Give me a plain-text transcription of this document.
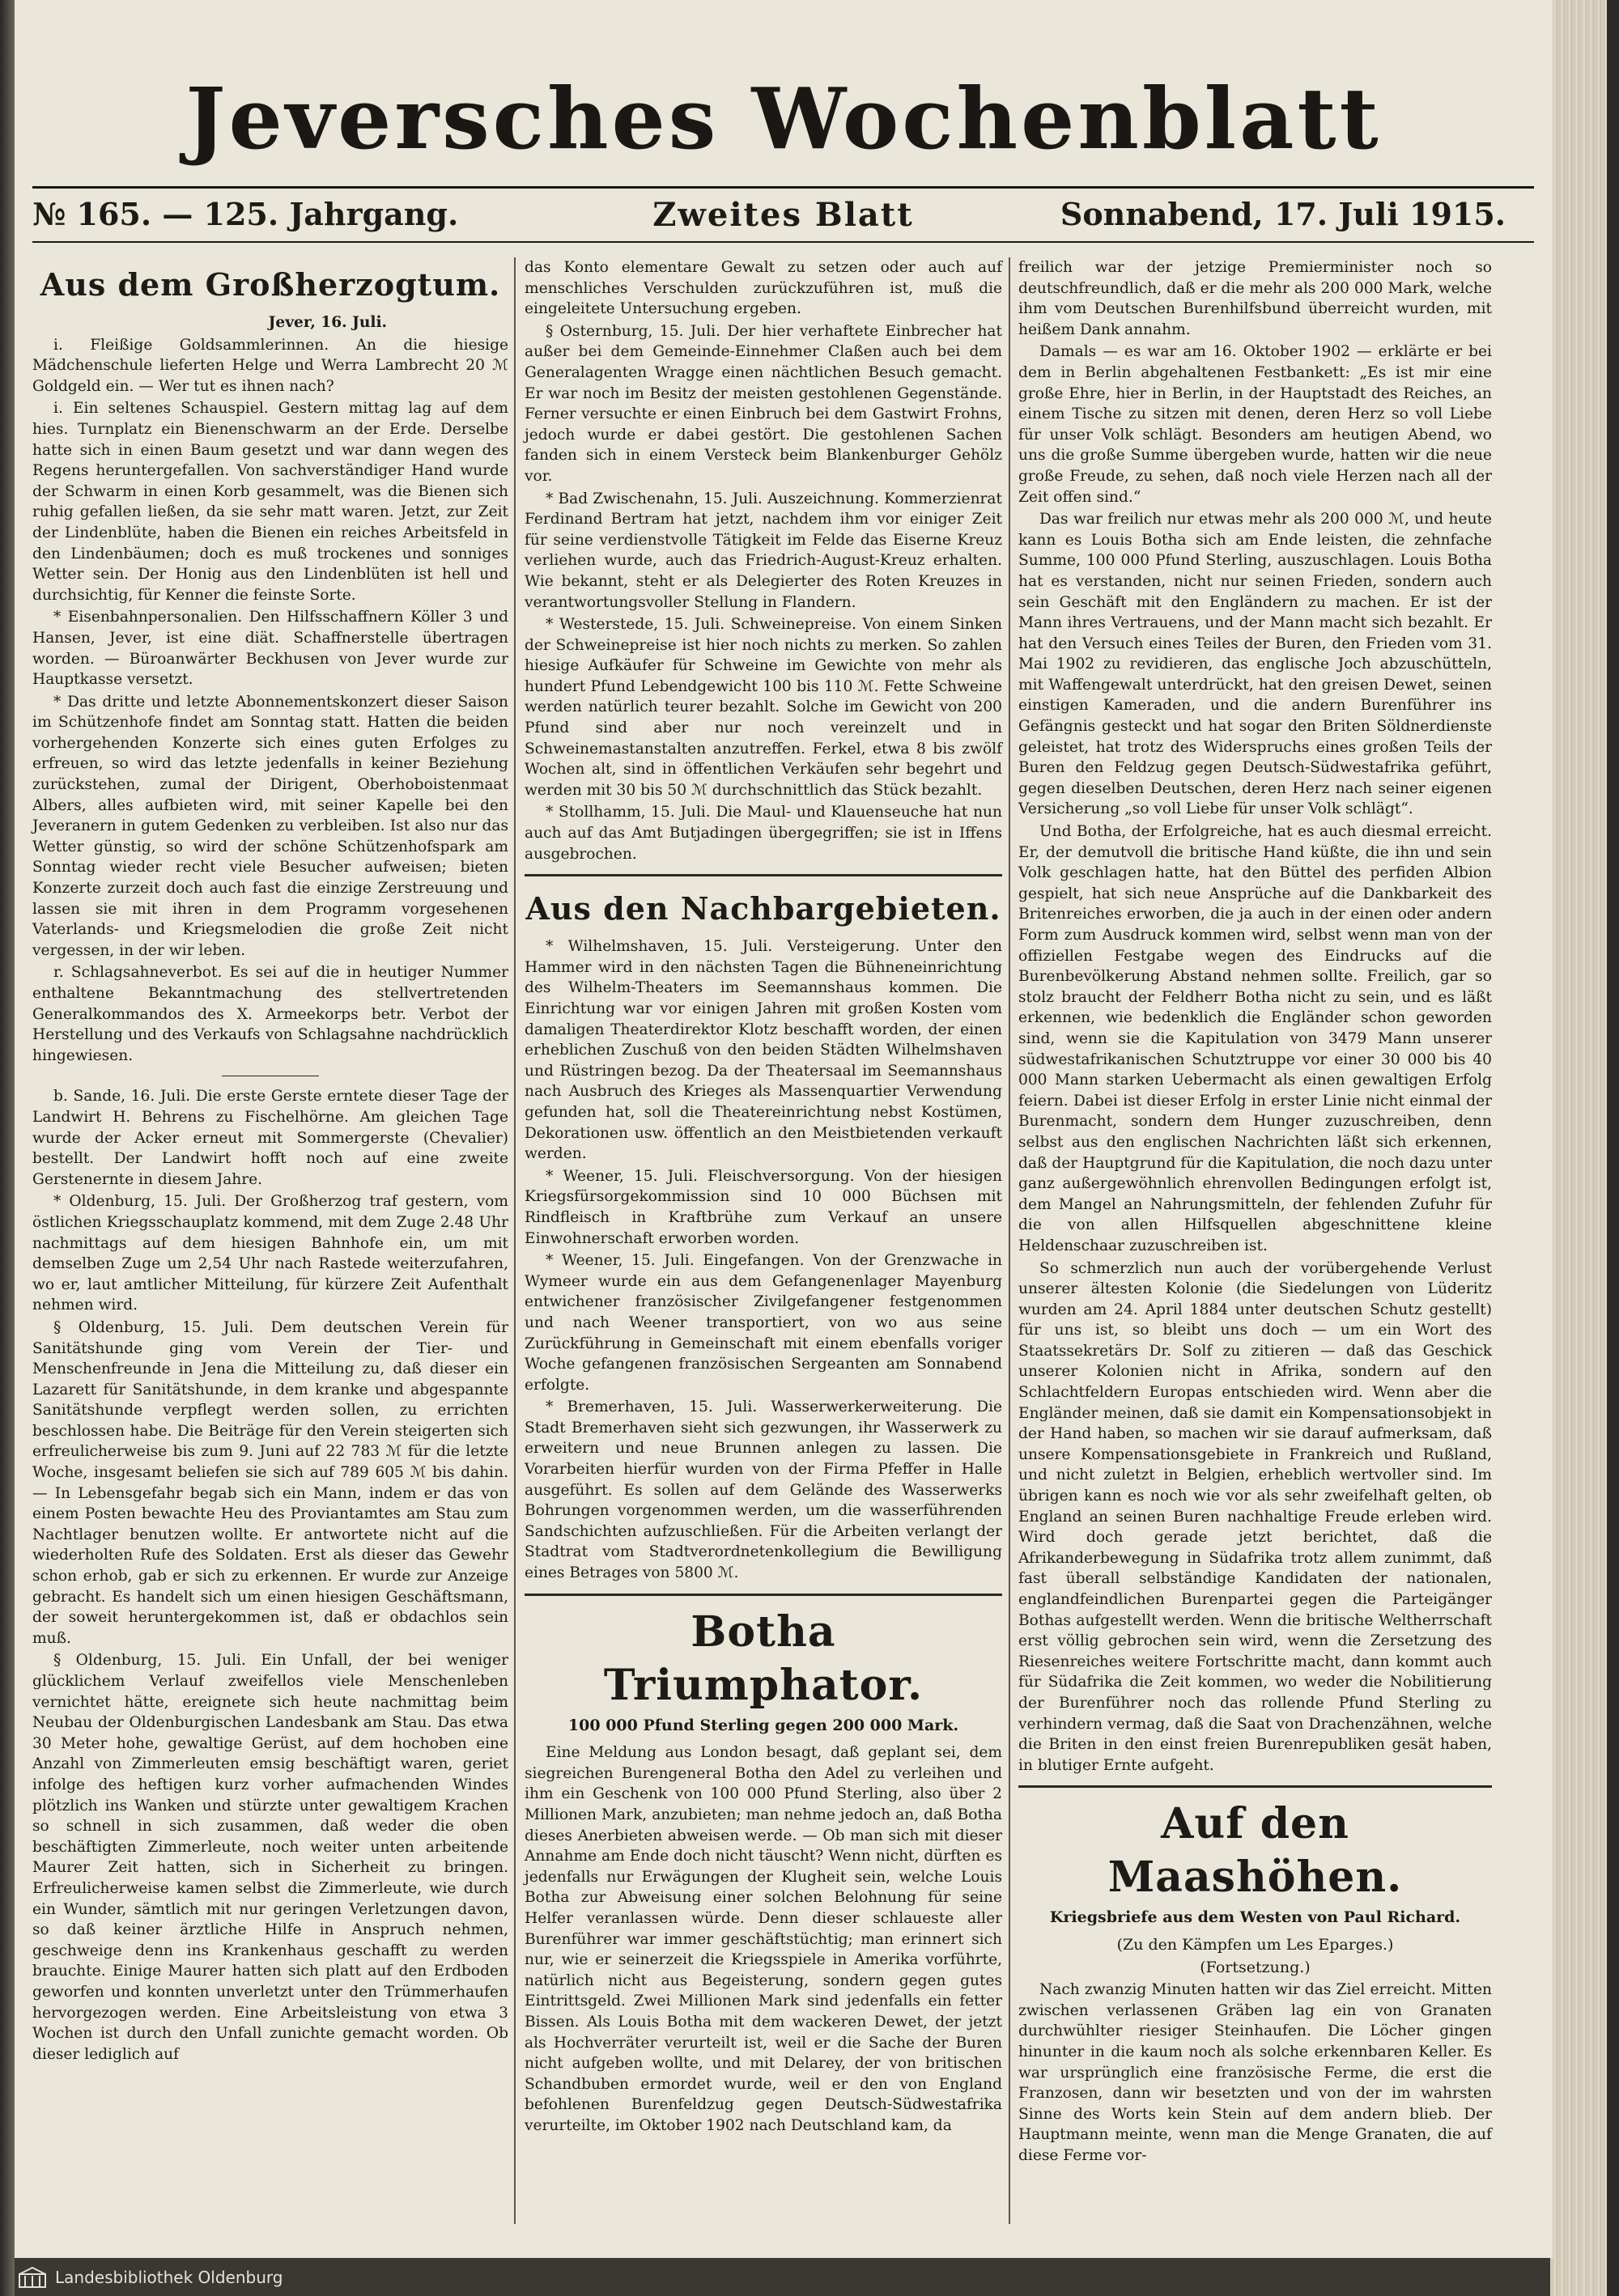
Jeversches Wochenblatt
Zweites Blatt
№ 165. — 125. Jahrgang.	Sonnabend, 17. Juli 1915.
Aus dem Großherzogtum.
Jever, 16. Juli.

i. Fleißige Goldsammlerinnen. An die hiesige Mädchenschule lieferten Helge und Werra Lambrecht 20 ℳ Goldgeld ein. — Wer tut es ihnen nach?

i. Ein seltenes Schauspiel. Gestern mittag lag auf dem hies. Turnplatz ein Bienenschwarm an der Erde. Derselbe hatte sich in einen Baum gesetzt und war dann wegen des Regens heruntergefallen. Von sachverständiger Hand wurde der Schwarm in einen Korb gesammelt, was die Bienen sich ruhig gefallen ließen, da sie sehr matt waren. Jetzt, zur Zeit der Lindenblüte, haben die Bienen ein reiches Arbeitsfeld in den Lindenbäumen; doch es muß trockenes und sonniges Wetter sein. Der Honig aus den Lindenblüten ist hell und durchsichtig, für Kenner die feinste Sorte.

* Eisenbahnpersonalien. Den Hilfsschaffnern Köller 3 und Hansen, Jever, ist eine diät. Schaffnerstelle übertragen worden. — Büroanwärter Beckhusen von Jever wurde zur Hauptkasse versetzt.

* Das dritte und letzte Abonnementskonzert dieser Saison im Schützenhofe findet am Sonntag statt. Hatten die beiden vorhergehenden Konzerte sich eines guten Erfolges zu erfreuen, so wird das letzte jedenfalls in keiner Beziehung zurückstehen, zumal der Dirigent, Oberhoboistenmaat Albers, alles aufbieten wird, mit seiner Kapelle bei den Jeveranern in gutem Gedenken zu verbleiben. Ist also nur das Wetter günstig, so wird der schöne Schützenhofspark am Sonntag wieder recht viele Besucher aufweisen; bieten Konzerte zurzeit doch auch fast die einzige Zerstreuung und lassen sie mit ihren in dem Programm vorgesehenen Vaterlands- und Kriegsmelodien die große Zeit nicht vergessen, in der wir leben.

r. Schlagsahneverbot. Es sei auf die in heutiger Nummer enthaltene Bekanntmachung des stellvertretenden Generalkommandos des X. Armeekorps betr. Verbot der Herstellung und des Verkaufs von Schlagsahne nachdrücklich hingewiesen.

b. Sande, 16. Juli. Die erste Gerste erntete dieser Tage der Landwirt H. Behrens zu Fischelhörne. Am gleichen Tage wurde der Acker erneut mit Sommergerste (Chevalier) bestellt. Der Landwirt hofft noch auf eine zweite Gerstenernte in diesem Jahre.

* Oldenburg, 15. Juli. Der Großherzog traf gestern, vom östlichen Kriegsschauplatz kommend, mit dem Zuge 2.48 Uhr nachmittags auf dem hiesigen Bahnhofe ein, um mit demselben Zuge um 2,54 Uhr nach Rastede weiterzufahren, wo er, laut amtlicher Mitteilung, für kürzere Zeit Aufenthalt nehmen wird.

§ Oldenburg, 15. Juli. Dem deutschen Verein für Sanitätshunde ging vom Verein der Tier- und Menschenfreunde in Jena die Mitteilung zu, daß dieser ein Lazarett für Sanitätshunde, in dem kranke und abgespannte Sanitätshunde verpflegt werden sollen, zu errichten beschlossen habe. Die Beiträge für den Verein steigerten sich erfreulicherweise bis zum 9. Juni auf 22 783 ℳ für die letzte Woche, insgesamt beliefen sie sich auf 789 605 ℳ bis dahin. — In Lebensgefahr begab sich ein Mann, indem er das von einem Posten bewachte Heu des Proviantamtes am Stau zum Nachtlager benutzen wollte. Er antwortete nicht auf die wiederholten Rufe des Soldaten. Erst als dieser das Gewehr schon erhob, gab er sich zu erkennen. Er wurde zur Anzeige gebracht. Es handelt sich um einen hiesigen Geschäftsmann, der soweit heruntergekommen ist, daß er obdachlos sein muß.

§ Oldenburg, 15. Juli. Ein Unfall, der bei weniger glücklichem Verlauf zweifellos viele Menschenleben vernichtet hätte, ereignete sich heute nachmittag beim Neubau der Oldenburgischen Landesbank am Stau. Das etwa 30 Meter hohe, gewaltige Gerüst, auf dem hochoben eine Anzahl von Zimmerleuten emsig beschäftigt waren, geriet infolge des heftigen kurz vorher aufmachenden Windes plötzlich ins Wanken und stürzte unter gewaltigem Krachen so schnell in sich zusammen, daß weder die oben beschäftigten Zimmerleute, noch weiter unten arbeitende Maurer Zeit hatten, sich in Sicherheit zu bringen. Erfreulicherweise kamen selbst die Zimmerleute, wie durch ein Wunder, sämtlich mit nur geringen Verletzungen davon, so daß keiner ärztliche Hilfe in Anspruch nehmen, geschweige denn ins Krankenhaus geschafft zu werden brauchte. Einige Maurer hatten sich platt auf den Erdboden geworfen und konnten unverletzt unter den Trümmerhaufen hervorgezogen werden. Eine Arbeitsleistung von etwa 3 Wochen ist durch den Unfall zunichte gemacht worden. Ob dieser lediglich auf

das Konto elementare Gewalt zu setzen oder auch auf menschliches Verschulden zurückzuführen ist, muß die eingeleitete Untersuchung ergeben.

§ Osternburg, 15. Juli. Der hier verhaftete Einbrecher hat außer bei dem Gemeinde-Einnehmer Claßen auch bei dem Generalagenten Wragge einen nächtlichen Besuch gemacht. Er war noch im Besitz der meisten gestohlenen Gegenstände. Ferner versuchte er einen Einbruch bei dem Gastwirt Frohns, jedoch wurde er dabei gestört. Die gestohlenen Sachen fanden sich in einem Versteck beim Blankenburger Gehölz vor.

* Bad Zwischenahn, 15. Juli. Auszeichnung. Kommerzienrat Ferdinand Bertram hat jetzt, nachdem ihm vor einiger Zeit für seine verdienstvolle Tätigkeit im Felde das Eiserne Kreuz verliehen wurde, auch das Friedrich-August-Kreuz erhalten. Wie bekannt, steht er als Delegierter des Roten Kreuzes in verantwortungsvoller Stellung in Flandern.

* Westerstede, 15. Juli. Schweinepreise. Von einem Sinken der Schweinepreise ist hier noch nichts zu merken. So zahlen hiesige Aufkäufer für Schweine im Gewichte von mehr als hundert Pfund Lebendgewicht 100 bis 110 ℳ. Fette Schweine werden natürlich teurer bezahlt. Solche im Gewicht von 200 Pfund sind aber nur noch vereinzelt und in Schweinemastanstalten anzutreffen. Ferkel, etwa 8 bis zwölf Wochen alt, sind in öffentlichen Verkäufen sehr begehrt und werden mit 30 bis 50 ℳ durchschnittlich das Stück bezahlt.

* Stollhamm, 15. Juli. Die Maul- und Klauenseuche hat nun auch auf das Amt Butjadingen übergegriffen; sie ist in Iffens ausgebrochen.

Aus den Nachbargebieten.

* Wilhelmshaven, 15. Juli. Versteigerung. Unter den Hammer wird in den nächsten Tagen die Bühneneinrichtung des Wilhelm-Theaters im Seemannshaus kommen. Die Einrichtung war vor einigen Jahren mit großen Kosten vom damaligen Theaterdirektor Klotz beschafft worden, der einen erheblichen Zuschuß von den beiden Städten Wilhelmshaven und Rüstringen bezog. Da der Theatersaal im Seemannshaus nach Ausbruch des Krieges als Massenquartier Verwendung gefunden hat, soll die Theatereinrichtung nebst Kostümen, Dekorationen usw. öffentlich an den Meistbietenden verkauft werden.

* Weener, 15. Juli. Fleischversorgung. Von der hiesigen Kriegsfürsorgekommission sind 10 000 Büchsen mit Rindfleisch in Kraftbrühe zum Verkauf an unsere Einwohnerschaft erworben worden.

* Weener, 15. Juli. Eingefangen. Von der Grenzwache in Wymeer wurde ein aus dem Gefangenenlager Mayenburg entwichener französischer Zivilgefangener festgenommen und nach Weener transportiert, von wo aus seine Zurückführung in Gemeinschaft mit einem ebenfalls voriger Woche gefangenen französischen Sergeanten am Sonnabend erfolgte.

* Bremerhaven, 15. Juli. Wasserwerkerweiterung. Die Stadt Bremerhaven sieht sich gezwungen, ihr Wasserwerk zu erweitern und neue Brunnen anlegen zu lassen. Die Vorarbeiten hierfür wurden von der Firma Pfeffer in Halle ausgeführt. Es sollen auf dem Gelände des Wasserwerks Bohrungen vorgenommen werden, um die wasserführenden Sandschichten aufzuschließen. Für die Arbeiten verlangt der Stadtrat vom Stadtverordnetenkollegium die Bewilligung eines Betrages von 5800 ℳ.

Botha Triumphator.
100 000 Pfund Sterling gegen 200 000 Mark.

Eine Meldung aus London besagt, daß geplant sei, dem siegreichen Burengeneral Botha den Adel zu verleihen und ihm ein Geschenk von 100 000 Pfund Sterling, also über 2 Millionen Mark, anzubieten; man nehme jedoch an, daß Botha dieses Anerbieten abweisen werde. — Ob man sich mit dieser Annahme am Ende doch nicht täuscht? Wenn nicht, dürften es jedenfalls nur Erwägungen der Klugheit sein, welche Louis Botha zur Abweisung einer solchen Belohnung für seine Helfer veranlassen würde. Denn dieser schlaueste aller Burenführer war immer geschäftstüchtig; man erinnert sich nur, wie er seinerzeit die Kriegsspiele in Amerika vorführte, natürlich nicht aus Begeisterung, sondern gegen gutes Eintrittsgeld. Zwei Millionen Mark sind jedenfalls ein fetter Bissen. Als Louis Botha mit dem wackeren Dewet, der jetzt als Hochverräter verurteilt ist, weil er die Sache der Buren nicht aufgeben wollte, und mit Delarey, der von britischen Schandbuben ermordet wurde, weil er den von England befohlenen Burenfeldzug gegen Deutsch-Südwestafrika verurteilte, im Oktober 1902 nach Deutschland kam, da

freilich war der jetzige Premierminister noch so deutschfreundlich, daß er die mehr als 200 000 Mark, welche ihm vom Deutschen Burenhilfsbund überreicht wurden, mit heißem Dank annahm.

Damals — es war am 16. Oktober 1902 — erklärte er bei dem in Berlin abgehaltenen Festbankett: „Es ist mir eine große Ehre, hier in Berlin, in der Hauptstadt des Reiches, an einem Tische zu sitzen mit denen, deren Herz so voll Liebe für unser Volk schlägt. Besonders am heutigen Abend, wo uns die große Summe übergeben wurde, hatten wir die neue große Freude, zu sehen, daß noch viele Herzen nach all der Zeit offen sind.“

Das war freilich nur etwas mehr als 200 000 ℳ, und heute kann es Louis Botha sich am Ende leisten, die zehnfache Summe, 100 000 Pfund Sterling, auszuschlagen. Louis Botha hat es verstanden, nicht nur seinen Frieden, sondern auch sein Geschäft mit den Engländern zu machen. Er ist der Mann ihres Vertrauens, und der Mann macht sich bezahlt. Er hat den Versuch eines Teiles der Buren, den Frieden vom 31. Mai 1902 zu revidieren, das englische Joch abzuschütteln, mit Waffengewalt unterdrückt, hat den greisen Dewet, seinen einstigen Kameraden, und die andern Burenführer ins Gefängnis gesteckt und hat sogar den Briten Söldnerdienste geleistet, hat trotz des Widerspruchs eines großen Teils der Buren den Feldzug gegen Deutsch-Südwestafrika geführt, gegen dieselben Deutschen, deren Herz nach seiner eigenen Versicherung „so voll Liebe für unser Volk schlägt“.

Und Botha, der Erfolgreiche, hat es auch diesmal erreicht. Er, der demutvoll die britische Hand küßte, die ihn und sein Volk geschlagen hatte, hat den Büttel des perfiden Albion gespielt, hat sich neue Ansprüche auf die Dankbarkeit des Britenreiches erworben, die ja auch in der einen oder andern Form zum Ausdruck kommen wird, selbst wenn man von der offiziellen Festgabe wegen des Eindrucks auf die Burenbevölkerung Abstand nehmen sollte. Freilich, gar so stolz braucht der Feldherr Botha nicht zu sein, und es läßt erkennen, wie bedenklich die Engländer schon geworden sind, wenn sie die Kapitulation von 3479 Mann unserer südwestafrikanischen Schutztruppe vor einer 30 000 bis 40 000 Mann starken Uebermacht als einen gewaltigen Erfolg feiern. Dabei ist dieser Erfolg in erster Linie nicht einmal der Burenmacht, sondern dem Hunger zuzuschreiben, denn selbst aus den englischen Nachrichten läßt sich erkennen, daß der Hauptgrund für die Kapitulation, die noch dazu unter ganz außergewöhnlich ehrenvollen Bedingungen erfolgt ist, dem Mangel an Nahrungsmitteln, der fehlenden Zufuhr für die von allen Hilfsquellen abgeschnittene kleine Heldenschaar zuzuschreiben ist.

So schmerzlich nun auch der vorübergehende Verlust unserer ältesten Kolonie (die Siedelungen von Lüderitz wurden am 24. April 1884 unter deutschen Schutz gestellt) für uns ist, so bleibt uns doch — um ein Wort des Staatssekretärs Dr. Solf zu zitieren — daß das Geschick unserer Kolonien nicht in Afrika, sondern auf den Schlachtfeldern Europas entschieden wird. Wenn aber die Engländer meinen, daß sie damit ein Kompensationsobjekt in der Hand haben, so machen wir sie darauf aufmerksam, daß unsere Kompensationsgebiete in Frankreich und Rußland, und nicht zuletzt in Belgien, erheblich wertvoller sind. Im übrigen kann es noch wie vor als sehr zweifelhaft gelten, ob England an seinen Buren nachhaltige Freude erleben wird. Wird doch gerade jetzt berichtet, daß die Afrikanderbewegung in Südafrika trotz allem zunimmt, daß fast überall selbständige Kandidaten der nationalen, englandfeindlichen Burenpartei gegen die Parteigänger Bothas aufgestellt werden. Wenn die britische Weltherrschaft erst völlig gebrochen sein wird, wenn die Zersetzung des Riesenreiches weitere Fortschritte macht, dann kommt auch für Südafrika die Zeit kommen, wo weder die Nobilitierung der Burenführer noch das rollende Pfund Sterling zu verhindern vermag, daß die Saat von Drachenzähnen, welche die Briten in den einst freien Burenrepubliken gesät haben, in blutiger Ernte aufgeht.

Auf den Maashöhen.
Kriegsbriefe aus dem Westen von Paul Richard.
(Zu den Kämpfen um Les Eparges.)
(Fortsetzung.)

Nach zwanzig Minuten hatten wir das Ziel erreicht. Mitten zwischen verlassenen Gräben lag ein von Granaten durchwühlter riesiger Steinhaufen. Die Löcher gingen hinunter in die kaum noch als solche erkennbaren Keller. Es war ursprünglich eine französische Ferme, die erst die Franzosen, dann wir besetzten und von der im wahrsten Sinne des Worts kein Stein auf dem andern blieb. Der Hauptmann meinte, wenn man die Menge Granaten, die auf diese Ferme vor-

Landesbibliothek Oldenburg
